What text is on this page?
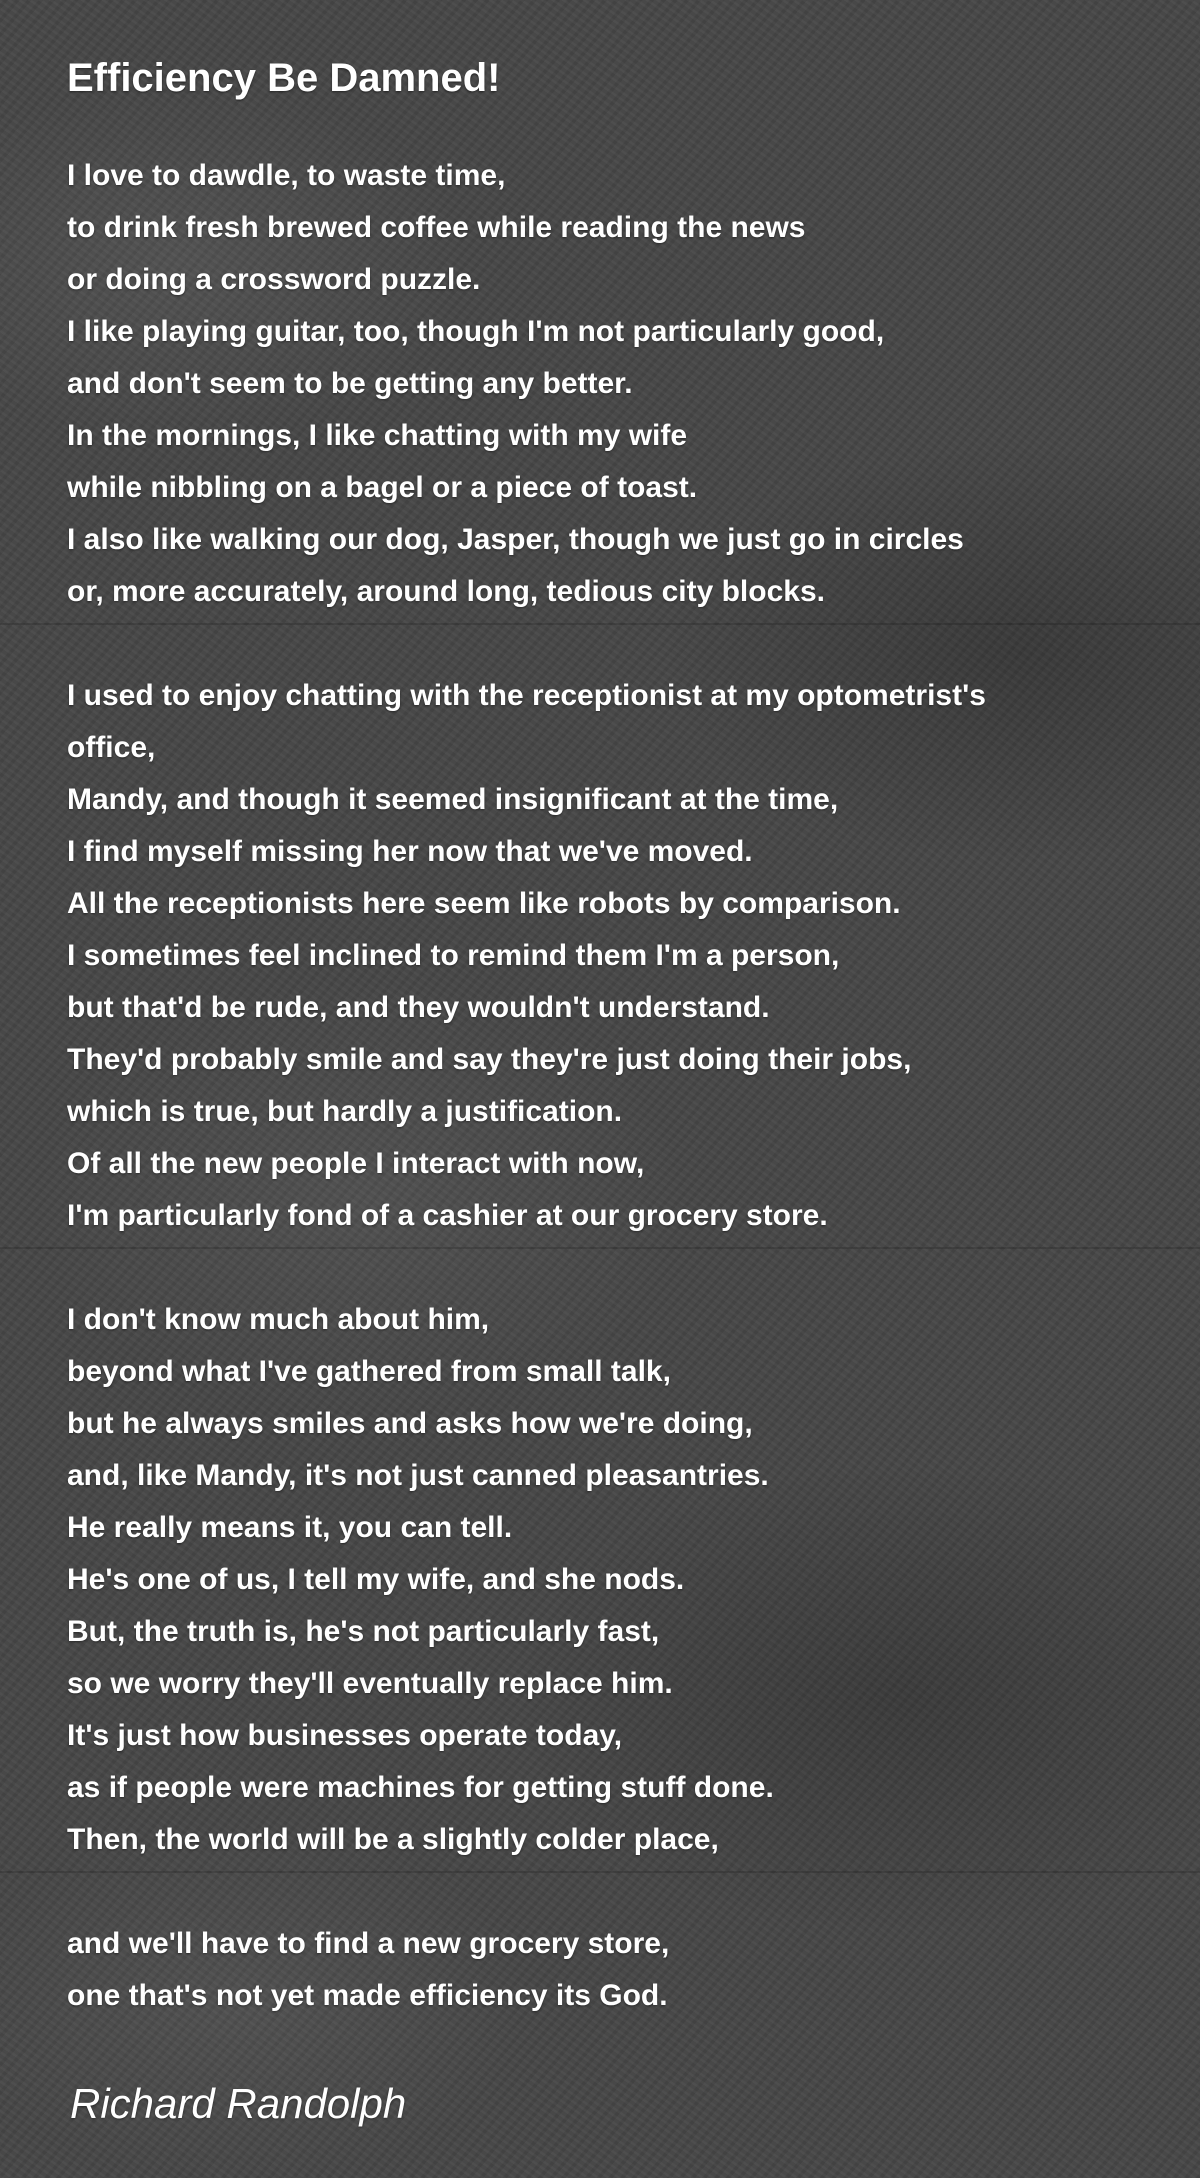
Efficiency Be Damned!
I love to dawdle, to waste time,
to drink fresh brewed coffee while reading the news
or doing a crossword puzzle.
I like playing guitar, too, though I'm not particularly good,
and don't seem to be getting any better.
In the mornings, I like chatting with my wife
while nibbling on a bagel or a piece of toast.
I also like walking our dog, Jasper, though we just go in circles
or, more accurately, around long, tedious city blocks.
I used to enjoy chatting with the receptionist at my optometrist's
office,
Mandy, and though it seemed insignificant at the time,
I find myself missing her now that we've moved.
All the receptionists here seem like robots by comparison.
I sometimes feel inclined to remind them I'm a person,
but that'd be rude, and they wouldn't understand.
They'd probably smile and say they're just doing their jobs,
which is true, but hardly a justification.
Of all the new people I interact with now,
I'm particularly fond of a cashier at our grocery store.
I don't know much about him,
beyond what I've gathered from small talk,
but he always smiles and asks how we're doing,
and, like Mandy, it's not just canned pleasantries.
He really means it, you can tell.
He's one of us, I tell my wife, and she nods.
But, the truth is, he's not particularly fast,
so we worry they'll eventually replace him.
It's just how businesses operate today,
as if people were machines for getting stuff done.
Then, the world will be a slightly colder place,
and we'll have to find a new grocery store,
one that's not yet made efficiency its God.

Richard Randolph
